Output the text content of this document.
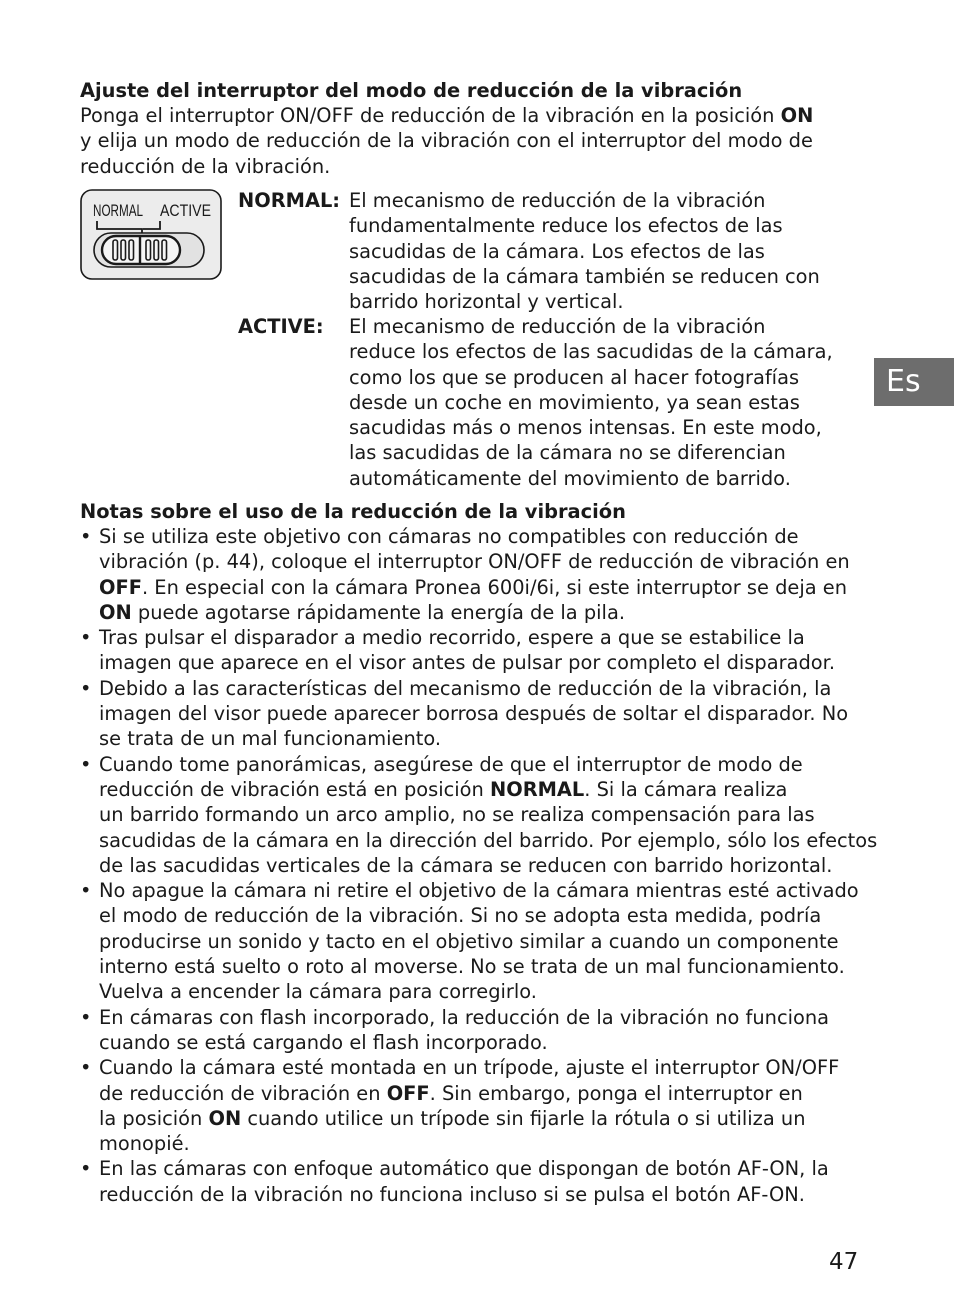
Ajuste del interruptor del modo de reducción de la vibración
Ponga el interruptor ON/OFF de reducción de la vibración en la posición ON
y elija un modo de reducción de la vibración con el interruptor del modo de
reducción de la vibración.
NORMAL ACTIVE NORMAL: El mecanismo de reducción de la vibración
fundamentalmente reduce los efectos de las
sacudidas de la cámara. Los efectos de las
sacudidas de la cámara también se reducen con
barrido horizontal y vertical.
ACTIVE: El mecanismo de reducción de la vibración
reduce los efectos de las sacudidas de la cámara,
como los que se producen al hacer fotografías
desde un coche en movimiento, ya sean estas
sacudidas más o menos intensas. En este modo,
las sacudidas de la cámara no se diferencian
automáticamente del movimiento de barrido.
Notas sobre el uso de la reducción de la vibración
• Si se utiliza este objetivo con cámaras no compatibles con reducción de
vibración (p. 44), coloque el interruptor ON/OFF de reducción de vibración en
OFF. En especial con la cámara Pronea 600i/6i, si este interruptor se deja en
ON puede agotarse rápidamente la energía de la pila.
• Tras pulsar el disparador a medio recorrido, espere a que se estabilice la
imagen que aparece en el visor antes de pulsar por completo el disparador.
• Debido a las características del mecanismo de reducción de la vibración, la
imagen del visor puede aparecer borrosa después de soltar el disparador. No
se trata de un mal funcionamiento.
• Cuando tome panorámicas, asegúrese de que el interruptor de modo de
reducción de vibración está en posición NORMAL. Si la cámara realiza
un barrido formando un arco amplio, no se realiza compensación para las
sacudidas de la cámara en la dirección del barrido. Por ejemplo, sólo los efectos
de las sacudidas verticales de la cámara se reducen con barrido horizontal.
• No apague la cámara ni retire el objetivo de la cámara mientras esté activado
el modo de reducción de la vibración. Si no se adopta esta medida, podría
producirse un sonido y tacto en el objetivo similar a cuando un componente
interno está suelto o roto al moverse. No se trata de un mal funcionamiento.
Vuelva a encender la cámara para corregirlo.
• En cámaras con flash incorporado, la reducción de la vibración no funciona
cuando se está cargando el flash incorporado.
• Cuando la cámara esté montada en un trípode, ajuste el interruptor ON/OFF
de reducción de vibración en OFF. Sin embargo, ponga el interruptor en
la posición ON cuando utilice un trípode sin fijarle la rótula o si utiliza un
monopié.
• En las cámaras con enfoque automático que dispongan de botón AF-ON, la
reducción de la vibración no funciona incluso si se pulsa el botón AF-ON.
Es
47
